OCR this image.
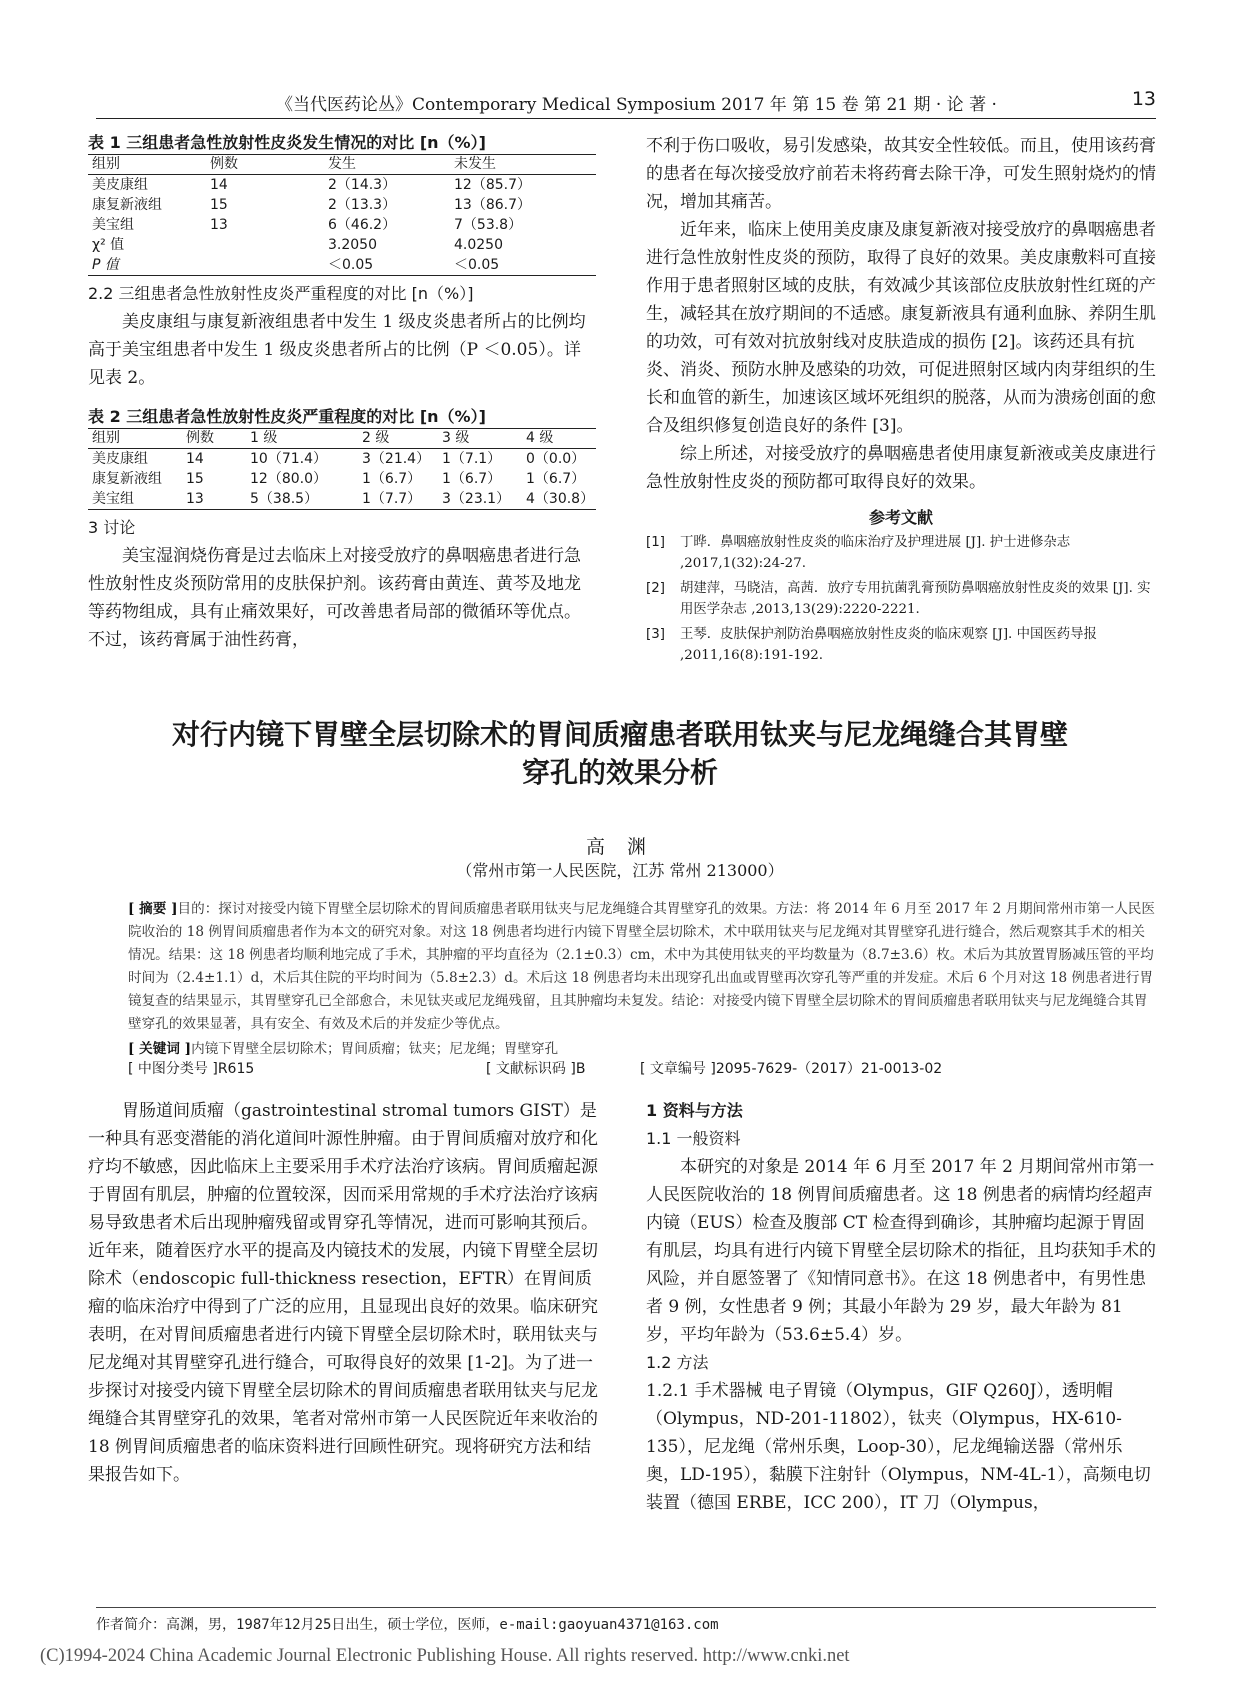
《当代医药论丛》Contemporary Medical Symposium 2017 年 第 15 卷 第 21 期 · 论 著 ·	13

表 1 三组患者急性放射性皮炎发生情况的对比 [n（%）]

组别	例数	发生	未发生
美皮康组	14	2（14.3）	12（85.7）
康复新液组	15	2（13.3）	13（86.7）
美宝组	13	6（46.2）	7（53.8）
χ² 值		3.2050	4.0250
P 值		＜0.05	＜0.05

2.2 三组患者急性放射性皮炎严重程度的对比 [n（%）]

美皮康组与康复新液组患者中发生 1 级皮炎患者所占的比例均高于美宝组患者中发生 1 级皮炎患者所占的比例（P ＜0.05）。详见表 2。

表 2 三组患者急性放射性皮炎严重程度的对比 [n（%）]

组别	例数	1 级	2 级	3 级	4 级
美皮康组	14	10（71.4）	3（21.4）	1（7.1）	0（0.0）
康复新液组	15	12（80.0）	1（6.7）	1（6.7）	1（6.7）
美宝组	13	5（38.5）	1（7.7）	3（23.1）	4（30.8）

3 讨论

美宝湿润烧伤膏是过去临床上对接受放疗的鼻咽癌患者进行急性放射性皮炎预防常用的皮肤保护剂。该药膏由黄连、黄芩及地龙等药物组成，具有止痛效果好，可改善患者局部的微循环等优点。不过，该药膏属于油性药膏，

不利于伤口吸收，易引发感染，故其安全性较低。而且，使用该药膏的患者在每次接受放疗前若未将药膏去除干净，可发生照射烧灼的情况，增加其痛苦。

近年来，临床上使用美皮康及康复新液对接受放疗的鼻咽癌患者进行急性放射性皮炎的预防，取得了良好的效果。美皮康敷料可直接作用于患者照射区域的皮肤，有效减少其该部位皮肤放射性红斑的产生，减轻其在放疗期间的不适感。康复新液具有通利血脉、养阴生肌的功效，可有效对抗放射线对皮肤造成的损伤 [2]。该药还具有抗炎、消炎、预防水肿及感染的功效，可促进照射区域内肉芽组织的生长和血管的新生，加速该区域坏死组织的脱落，从而为溃疡创面的愈合及组织修复创造良好的条件 [3]。

综上所述，对接受放疗的鼻咽癌患者使用康复新液或美皮康进行急性放射性皮炎的预防都可取得良好的效果。

参考文献

[1]	丁晔．鼻咽癌放射性皮炎的临床治疗及护理进展 [J]. 护士进修杂志 ,2017,1(32):24-27.
[2]	胡建萍，马晓洁，高茜．放疗专用抗菌乳膏预防鼻咽癌放射性皮炎的效果 [J]. 实用医学杂志 ,2013,13(29):2220-2221.
[3]	王琴．皮肤保护剂防治鼻咽癌放射性皮炎的临床观察 [J]. 中国医药导报 ,2011,16(8):191-192.
对行内镜下胃壁全层切除术的胃间质瘤患者联用钛夹与尼龙绳缝合其胃壁
穿孔的效果分析
高 渊
（常州市第一人民医院，江苏 常州 213000）
[ 摘要 ]目的：探讨对接受内镜下胃壁全层切除术的胃间质瘤患者联用钛夹与尼龙绳缝合其胃壁穿孔的效果。方法：将 2014 年 6 月至 2017 年 2 月期间常州市第一人民医院收治的 18 例胃间质瘤患者作为本文的研究对象。对这 18 例患者均进行内镜下胃壁全层切除术，术中联用钛夹与尼龙绳对其胃壁穿孔进行缝合，然后观察其手术的相关情况。结果：这 18 例患者均顺利地完成了手术，其肿瘤的平均直径为（2.1±0.3）cm，术中为其使用钛夹的平均数量为（8.7±3.6）枚。术后为其放置胃肠减压管的平均时间为（2.4±1.1）d，术后其住院的平均时间为（5.8±2.3）d。术后这 18 例患者均未出现穿孔出血或胃壁再次穿孔等严重的并发症。术后 6 个月对这 18 例患者进行胃镜复查的结果显示，其胃壁穿孔已全部愈合，未见钛夹或尼龙绳残留，且其肿瘤均未复发。结论：对接受内镜下胃壁全层切除术的胃间质瘤患者联用钛夹与尼龙绳缝合其胃壁穿孔的效果显著，具有安全、有效及术后的并发症少等优点。
[ 关键词 ]内镜下胃壁全层切除术；胃间质瘤；钛夹；尼龙绳；胃壁穿孔
[ 中图分类号 ]R615	[ 文献标识码 ]B	[ 文章编号 ]2095-7629-（2017）21-0013-02

胃肠道间质瘤（gastrointestinal stromal tumors GIST）是一种具有恶变潜能的消化道间叶源性肿瘤。由于胃间质瘤对放疗和化疗均不敏感，因此临床上主要采用手术疗法治疗该病。胃间质瘤起源于胃固有肌层，肿瘤的位置较深，因而采用常规的手术疗法治疗该病易导致患者术后出现肿瘤残留或胃穿孔等情况，进而可影响其预后。近年来，随着医疗水平的提高及内镜技术的发展，内镜下胃壁全层切除术（endoscopic full-thickness resection，EFTR）在胃间质瘤的临床治疗中得到了广泛的应用，且显现出良好的效果。临床研究表明，在对胃间质瘤患者进行内镜下胃壁全层切除术时，联用钛夹与尼龙绳对其胃壁穿孔进行缝合，可取得良好的效果 [1-2]。为了进一步探讨对接受内镜下胃壁全层切除术的胃间质瘤患者联用钛夹与尼龙绳缝合其胃壁穿孔的效果，笔者对常州市第一人民医院近年来收治的 18 例胃间质瘤患者的临床资料进行回顾性研究。现将研究方法和结果报告如下。

1 资料与方法

1.1 一般资料

本研究的对象是 2014 年 6 月至 2017 年 2 月期间常州市第一人民医院收治的 18 例胃间质瘤患者。这 18 例患者的病情均经超声内镜（EUS）检查及腹部 CT 检查得到确诊，其肿瘤均起源于胃固有肌层，均具有进行内镜下胃壁全层切除术的指征，且均获知手术的风险，并自愿签署了《知情同意书》。在这 18 例患者中，有男性患者 9 例，女性患者 9 例；其最小年龄为 29 岁，最大年龄为 81 岁，平均年龄为（53.6±5.4）岁。

1.2 方法

1.2.1 手术器械 电子胃镜（Olympus，GIF Q260J），透明帽（Olympus，ND-201-11802），钛夹（Olympus，HX-610-135），尼龙绳（常州乐奥，Loop-30），尼龙绳输送器（常州乐奥，LD-195），黏膜下注射针（Olympus，NM-4L-1），高频电切装置（德国 ERBE，ICC 200），IT 刀（Olympus，

作者简介：高渊，男，1987年12月25日出生，硕士学位，医师，e-mail:gaoyuan4371@163.com
(C)1994-2024 China Academic Journal Electronic Publishing House. All rights reserved. http://www.cnki.net
